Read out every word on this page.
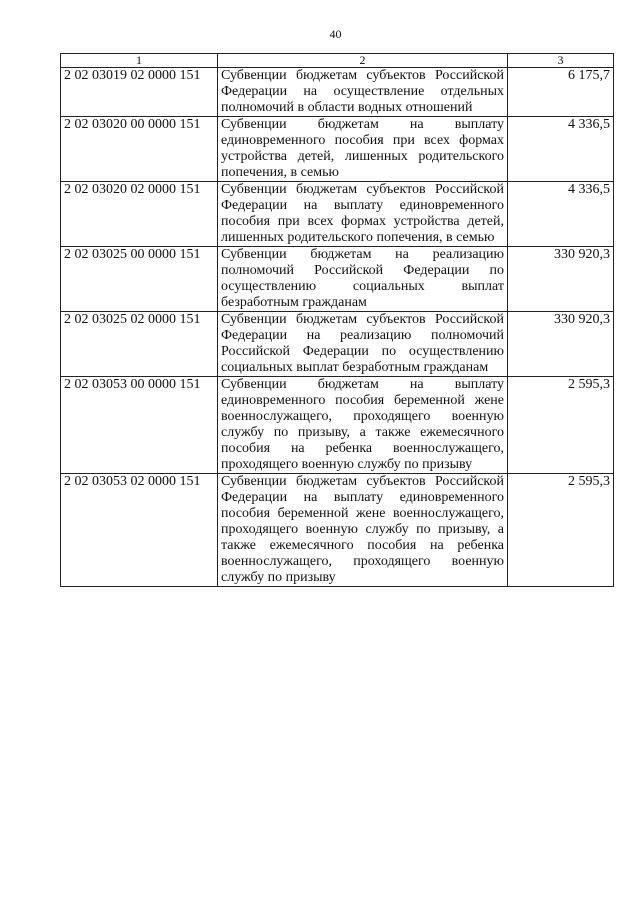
40
1	2	3
2 02 03019 02 0000 151	Субвенции бюджетам субъектов Российской Федерации на осуществление отдельных полномочий в области водных отношений	6 175,7
2 02 03020 00 0000 151	Субвенции бюджетам на выплату единовременного пособия при всех формах устройства детей, лишенных родительского попечения, в семью	4 336,5
2 02 03020 02 0000 151	Субвенции бюджетам субъектов Российской Федерации на выплату единовременного пособия при всех формах устройства детей, лишенных родительского попечения, в семью	4 336,5
2 02 03025 00 0000 151	Субвенции бюджетам на реализацию полномочий Российской Федерации по осуществлению социальных выплат безработным гражданам	330 920,3
2 02 03025 02 0000 151	Субвенции бюджетам субъектов Российской Федерации на реализацию полномочий Российской Федерации по осуществлению социальных выплат безработным гражданам	330 920,3
2 02 03053 00 0000 151	Субвенции бюджетам на выплату единовременного пособия беременной жене военнослужащего, проходящего военную службу по призыву, а также ежемесячного пособия на ребенка военнослужащего, проходящего военную службу по призыву	2 595,3
2 02 03053 02 0000 151	Субвенции бюджетам субъектов Российской Федерации на выплату единовременного пособия беременной жене военнослужащего, проходящего военную службу по призыву, а также ежемесячного пособия на ребенка военнослужащего, проходящего военную службу по призыву	2 595,3
